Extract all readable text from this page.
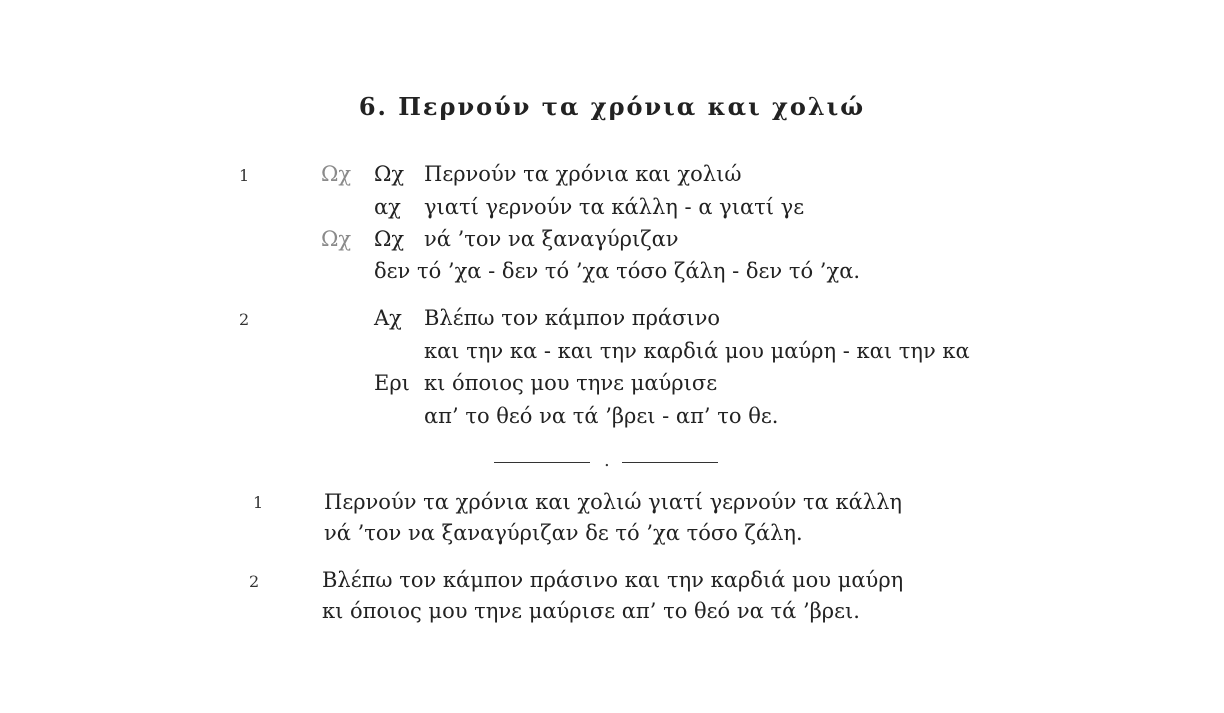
6. Περνούν τα χρόνια και χολιώ
1	Ωχ Ωχ Περνούν τα χρόνια και χολιώ
αχ γιατί γερνούν τα κάλλη - α γιατί γε
Ωχ Ωχ νά ’τον να ξαναγύριζαν
δεν τό ’χα - δεν τό ’χα τόσο ζάλη - δεν τό ’χα.
2	Αχ Βλέπω τον κάμπον πράσινο
και την κα - και την καρδιά μου μαύρη - και την κα
Ερι κι όποιος μου τηνε μαύρισε
απ’ το θεό να τά ’βρει - απ’ το θε.
.
1	Περνούν τα χρόνια και χολιώ γιατί γερνούν τα κάλλη
νά ’τον να ξαναγύριζαν δε τό ’χα τόσο ζάλη.
2	Βλέπω τον κάμπον πράσινο και την καρδιά μου μαύρη
κι όποιος μου τηνε μαύρισε απ’ το θεό να τά ’βρει.
